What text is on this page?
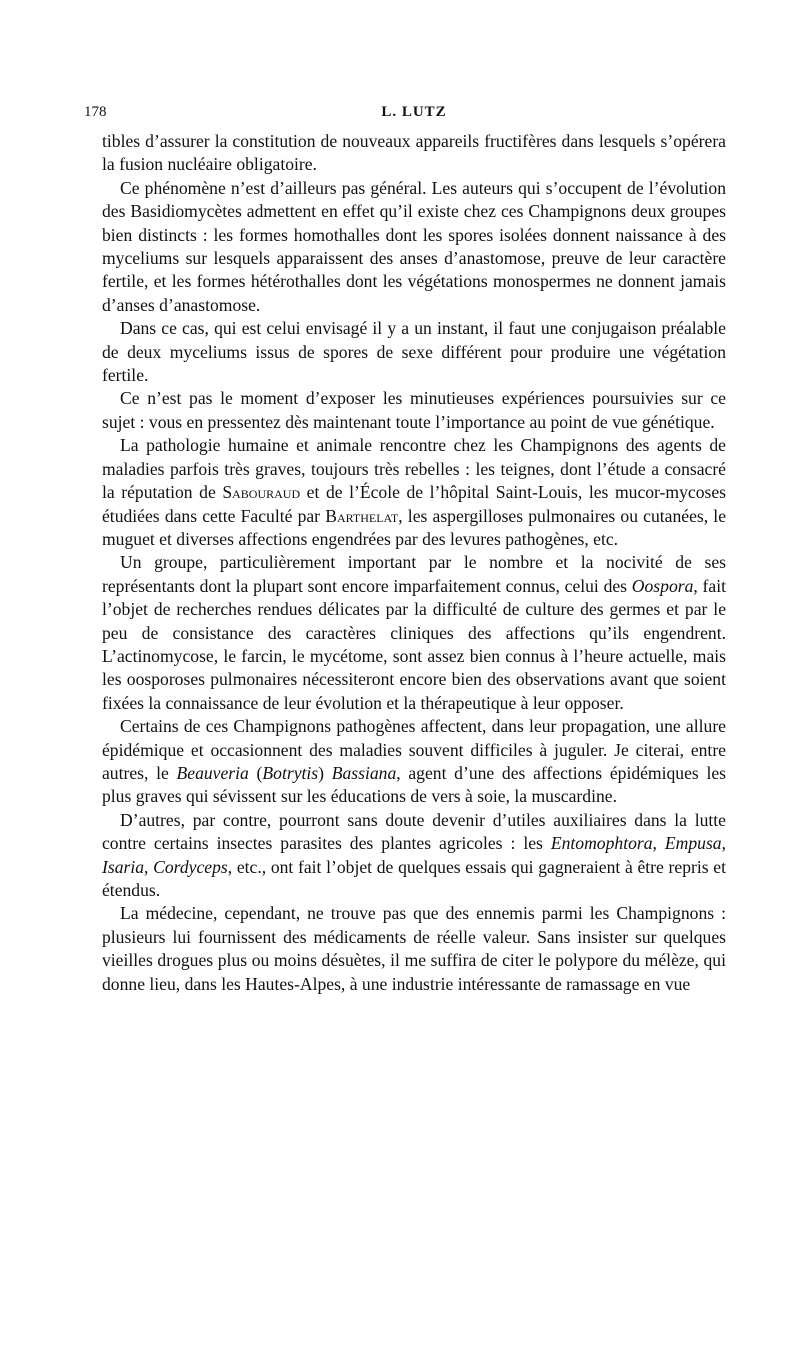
178	L. LUTZ

tibles d’assurer la constitution de nouveaux appareils fructifères dans lesquels s’opérera la fusion nucléaire obligatoire.

Ce phénomène n’est d’ailleurs pas général. Les auteurs qui s’occupent de l’évolution des Basidiomycètes admettent en effet qu’il existe chez ces Champignons deux groupes bien distincts : les formes homothalles dont les spores isolées donnent naissance à des myceliums sur lesquels apparaissent des anses d’anastomose, preuve de leur caractère fertile, et les formes hétérothalles dont les végétations monospermes ne donnent jamais d’anses d’anastomose.

Dans ce cas, qui est celui envisagé il y a un instant, il faut une conjugaison préalable de deux myceliums issus de spores de sexe différent pour produire une végétation fertile.

Ce n’est pas le moment d’exposer les minutieuses expériences poursuivies sur ce sujet : vous en pressentez dès maintenant toute l’importance au point de vue génétique.

La pathologie humaine et animale rencontre chez les Champignons des agents de maladies parfois très graves, toujours très rebelles : les teignes, dont l’étude a consacré la réputation de Sabouraud et de l’École de l’hôpital Saint-Louis, les mucor-mycoses étudiées dans cette Faculté par Barthelat, les aspergilloses pulmonaires ou cutanées, le muguet et diverses affections engendrées par des levures pathogènes, etc.

Un groupe, particulièrement important par le nombre et la nocivité de ses représentants dont la plupart sont encore imparfaitement connus, celui des Oospora, fait l’objet de recherches rendues délicates par la difficulté de culture des germes et par le peu de consistance des caractères cliniques des affections qu’ils engendrent. L’actinomycose, le farcin, le mycétome, sont assez bien connus à l’heure actuelle, mais les oosporoses pulmonaires nécessiteront encore bien des observations avant que soient fixées la connaissance de leur évolution et la thérapeutique à leur opposer.

Certains de ces Champignons pathogènes affectent, dans leur propagation, une allure épidémique et occasionnent des maladies souvent difficiles à juguler. Je citerai, entre autres, le Beauveria (Botrytis) Bassiana, agent d’une des affections épidémiques les plus graves qui sévissent sur les éducations de vers à soie, la muscardine.

D’autres, par contre, pourront sans doute devenir d’utiles auxiliaires dans la lutte contre certains insectes parasites des plantes agricoles : les Entomophtora, Empusa, Isaria, Cordyceps, etc., ont fait l’objet de quelques essais qui gagneraient à être repris et étendus.

La médecine, cependant, ne trouve pas que des ennemis parmi les Champignons : plusieurs lui fournissent des médicaments de réelle valeur. Sans insister sur quelques vieilles drogues plus ou moins désuètes, il me suffira de citer le polypore du mélèze, qui donne lieu, dans les Hautes-Alpes, à une industrie intéressante de ramassage en vue
